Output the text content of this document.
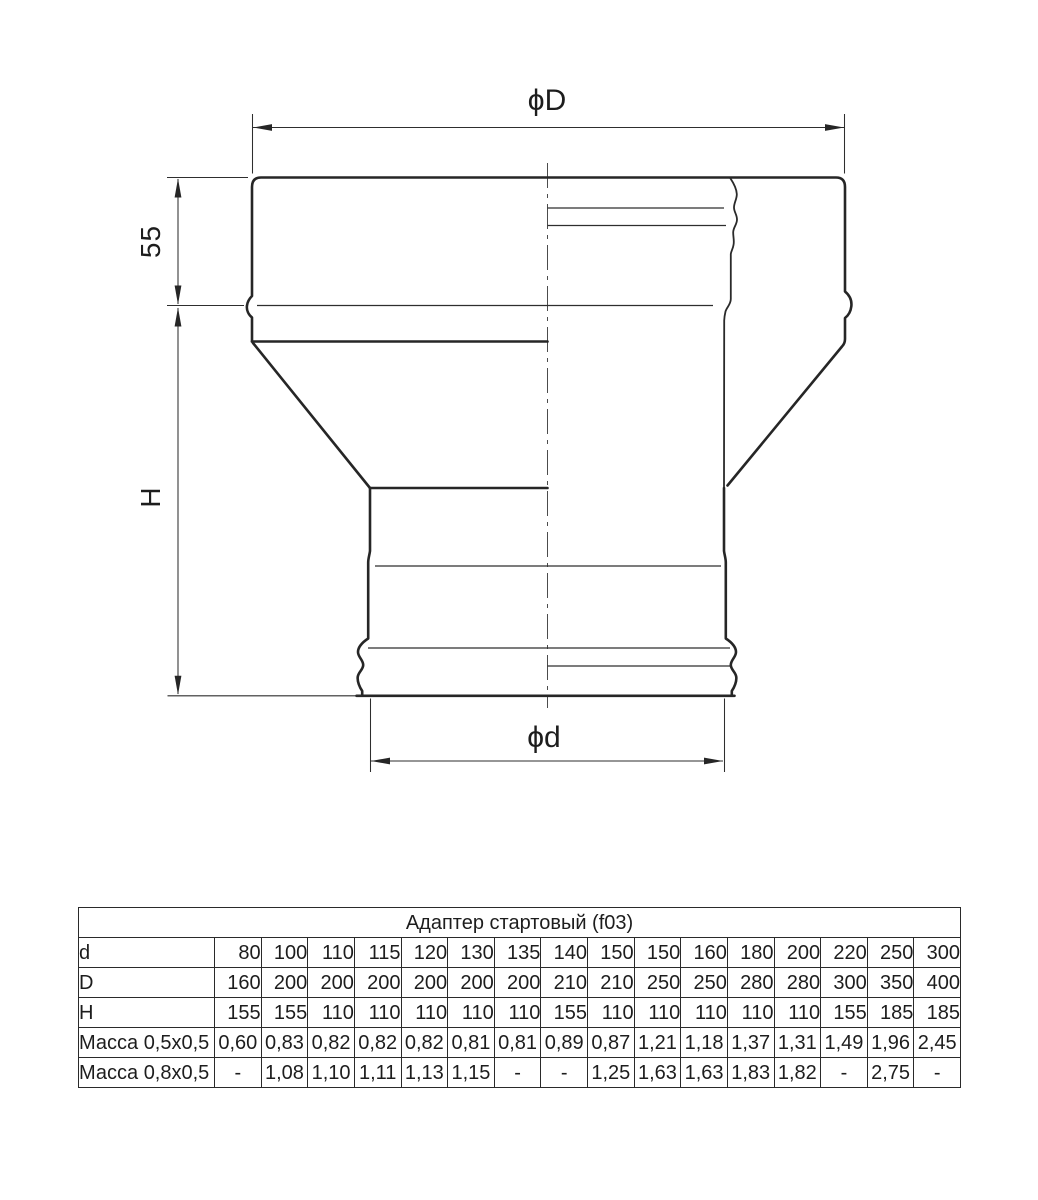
ϕD
55
H
ϕd
Адаптер стартовый (f03)																
d	80	100	110	115	120	130	135	140	150	150	160	180	200	220	250	300
D	160	200	200	200	200	200	200	210	210	250	250	280	280	300	350	400
H	155	155	110	110	110	110	110	155	110	110	110	110	110	155	185	185
Масса 0,5x0,5	0,60	0,83	0,82	0,82	0,82	0,81	0,81	0,89	0,87	1,21	1,18	1,37	1,31	1,49	1,96	2,45
Масса 0,8x0,5	-	1,08	1,10	1,11	1,13	1,15	-	-	1,25	1,63	1,63	1,83	1,82	-	2,75	-
